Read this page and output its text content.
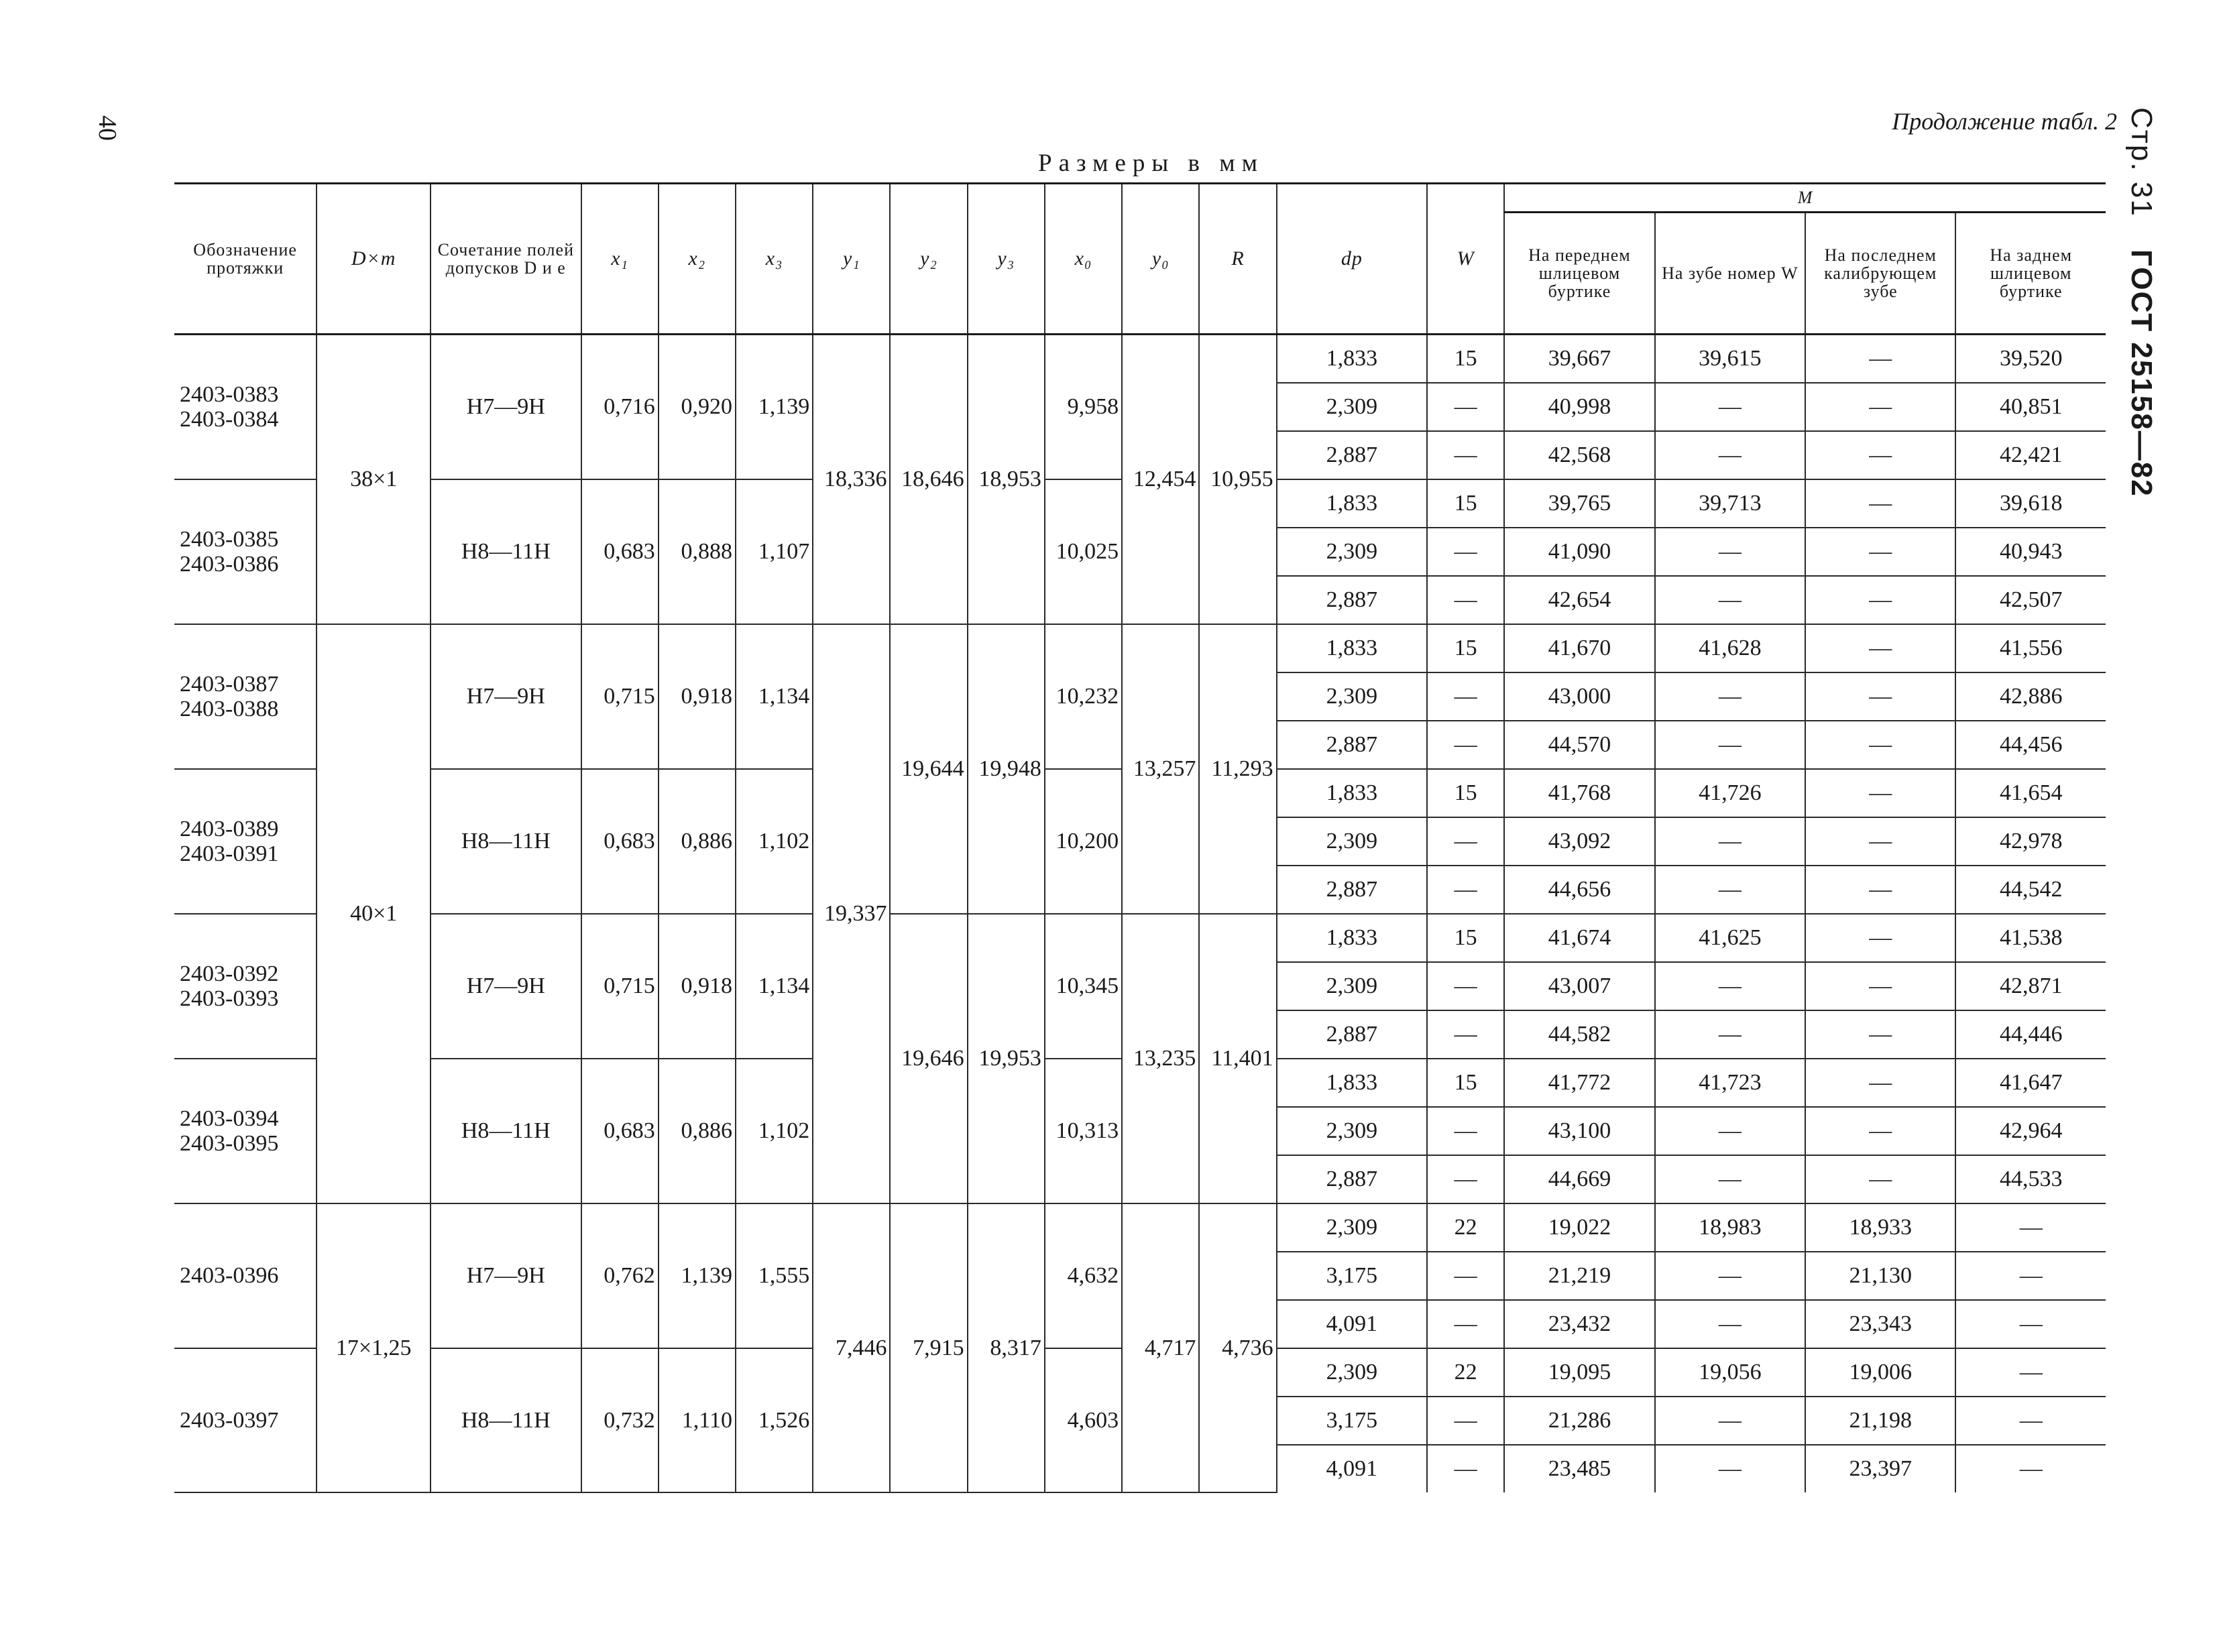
40	Продолжение табл. 2
Размеры в мм	Стр. 31 ГОСТ 25158—82
Обозначение протяжки	D×m	Сочетание полей допусков D и e	x₁	x₂	x₃	y₁	y₂	y₃	x₀	y₀	R	dp	W	M			
														На переднем шлицевом буртике	На зубе номер W	На последнем калибрующем зубе	На заднем шлицевом буртике
2403-0383
2403-0384	38×1	H7—9H	0,716	0,920	1,139	18,336	18,646	18,953	9,958	12,454	10,955	1,833	15	39,667	39,615	—	39,520
												2,309	—	40,998	—	—	40,851
												2,887	—	42,568	—	—	42,421
2403-0385
2403-0386		H8—11H	0,683	0,888	1,107				10,025			1,833	15	39,765	39,713	—	39,618
												2,309	—	41,090	—	—	40,943
												2,887	—	42,654	—	—	42,507
2403-0387
2403-0388	40×1	H7—9H	0,715	0,918	1,134	19,337	19,644	19,948	10,232	13,257	11,293	1,833	15	41,670	41,628	—	41,556
												2,309	—	43,000	—	—	42,886
												2,887	—	44,570	—	—	44,456
2403-0389
2403-0391		H8—11H	0,683	0,886	1,102				10,200			1,833	15	41,768	41,726	—	41,654
												2,309	—	43,092	—	—	42,978
												2,887	—	44,656	—	—	44,542
2403-0392
2403-0393		H7—9H	0,715	0,918	1,134		19,646	19,953	10,345	13,235	11,401	1,833	15	41,674	41,625	—	41,538
												2,309	—	43,007	—	—	42,871
												2,887	—	44,582	—	—	44,446
2403-0394
2403-0395		H8—11H	0,683	0,886	1,102				10,313			1,833	15	41,772	41,723	—	41,647
												2,309	—	43,100	—	—	42,964
												2,887	—	44,669	—	—	44,533
2403-0396	17×1,25	H7—9H	0,762	1,139	1,555	7,446	7,915	8,317	4,632	4,717	4,736	2,309	22	19,022	18,983	18,933	—
												3,175	—	21,219	—	21,130	—
												4,091	—	23,432	—	23,343	—
2403-0397		H8—11H	0,732	1,110	1,526				4,603			2,309	22	19,095	19,056	19,006	—
												3,175	—	21,286	—	21,198	—
												4,091	—	23,485	—	23,397	—
